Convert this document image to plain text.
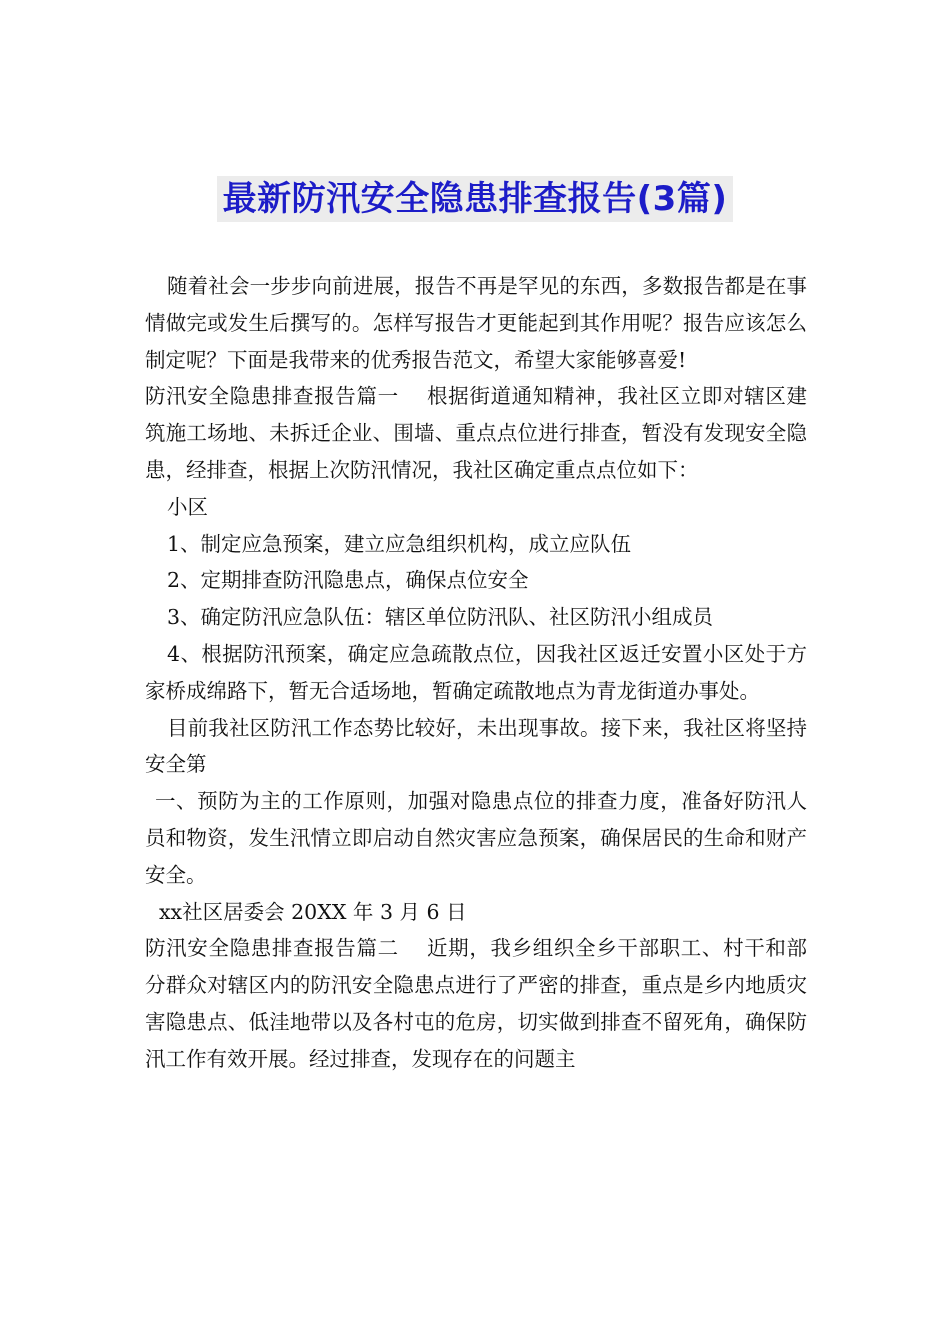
最新防汛安全隐患排查报告(3篇)

随着社会一步步向前进展，报告不再是罕见的东西，多数报告都是在事情做完或发生后撰写的。怎样写报告才更能起到其作用呢？报告应该怎么制定呢？下面是我带来的优秀报告范文，希望大家能够喜爱!

防汛安全隐患排查报告篇一　 根据街道通知精神，我社区立即对辖区建筑施工场地、未拆迁企业、围墙、重点点位进行排查，暂没有发现安全隐患，经排查，根据上次防汛情况，我社区确定重点点位如下：

小区

1、制定应急预案，建立应急组织机构，成立应队伍

2、定期排查防汛隐患点，确保点位安全

3、确定防汛应急队伍：辖区单位防汛队、社区防汛小组成员

4、根据防汛预案，确定应急疏散点位，因我社区返迁安置小区处于方家桥成绵路下，暂无合适场地，暂确定疏散地点为青龙街道办事处。

目前我社区防汛工作态势比较好，未出现事故。接下来，我社区将坚持安全第

一、预防为主的工作原则，加强对隐患点位的排查力度，准备好防汛人员和物资，发生汛情立即启动自然灾害应急预案，确保居民的生命和财产安全。

xx社区居委会 20XX 年 3 月 6 日

防汛安全隐患排查报告篇二　 近期，我乡组织全乡干部职工、村干和部分群众对辖区内的防汛安全隐患点进行了严密的排查，重点是乡内地质灾害隐患点、低洼地带以及各村屯的危房，切实做到排查不留死角，确保防汛工作有效开展。经过排查，发现存在的问题主
